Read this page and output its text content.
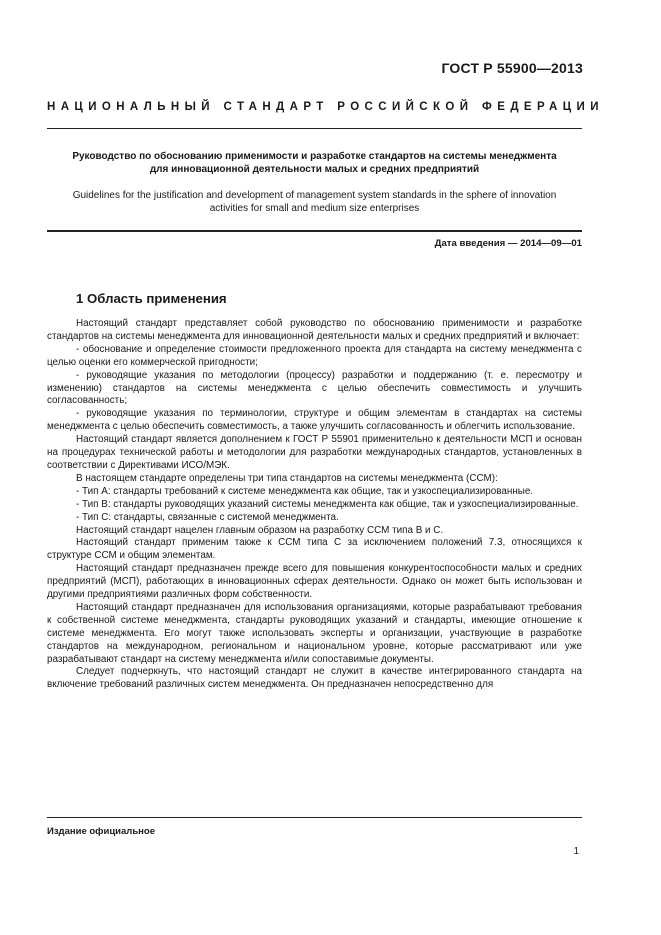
ГОСТ Р 55900—2013
НАЦИОНАЛЬНЫЙ СТАНДАРТ РОССИЙСКОЙ ФЕДЕРАЦИИ
Руководство по обоснованию применимости и разработке стандартов на системы менеджмента для инновационной деятельности малых и средних предприятий
Guidelines for the justification and development of management system standards in the sphere of innovation activities for small and medium size enterprises
Дата введения — 2014—09—01
1 Область применения

Настоящий стандарт представляет собой руководство по обоснованию применимости и разработке стандартов на системы менеджмента для инновационной деятельности малых и средних предприятий и включает:

- обоснование и определение стоимости предложенного проекта для стандарта на систему менеджмента с целью оценки его коммерческой пригодности;

- руководящие указания по методологии (процессу) разработки и поддержанию (т. е. пересмотру и изменению) стандартов на системы менеджмента с целью обеспечить совместимость и улучшить согласованность;

- руководящие указания по терминологии, структуре и общим элементам в стандартах на системы менеджмента с целью обеспечить совместимость, а также улучшить согласованность и облегчить использование.

Настоящий стандарт является дополнением к ГОСТ Р 55901 применительно к деятельности МСП и основан на процедурах технической работы и методологии для разработки международных стандартов, установленных в соответствии с Директивами ИСО/МЭК.

В настоящем стандарте определены три типа стандартов на системы менеджмента (ССМ):

- Тип А: стандарты требований к системе менеджмента как общие, так и узкоспециализированные.

- Тип В: стандарты руководящих указаний системы менеджмента как общие, так и узкоспециализированные.

- Тип С: стандарты, связанные с системой менеджмента.

Настоящий стандарт нацелен главным образом на разработку ССМ типа В и С.

Настоящий стандарт применим также к ССМ типа С за исключением положений 7.3, относящихся к структуре ССМ и общим элементам.

Настоящий стандарт предназначен прежде всего для повышения конкурентоспособности малых и средних предприятий (МСП), работающих в инновационных сферах деятельности. Однако он может быть использован и другими предприятиями различных форм собственности.

Настоящий стандарт предназначен для использования организациями, которые разрабатывают требования к собственной системе менеджмента, стандарты руководящих указаний и стандарты, имеющие отношение к системе менеджмента. Его могут также использовать эксперты и организации, участвующие в разработке стандартов на международном, региональном и национальном уровне, которые рассматривают или уже разрабатывают стандарт на систему менеджмента и/или сопоставимые документы.

Следует подчеркнуть, что настоящий стандарт не служит в качестве интегрированного стандарта на включение требований различных систем менеджмента. Он предназначен непосредственно для

Издание официальное
1
